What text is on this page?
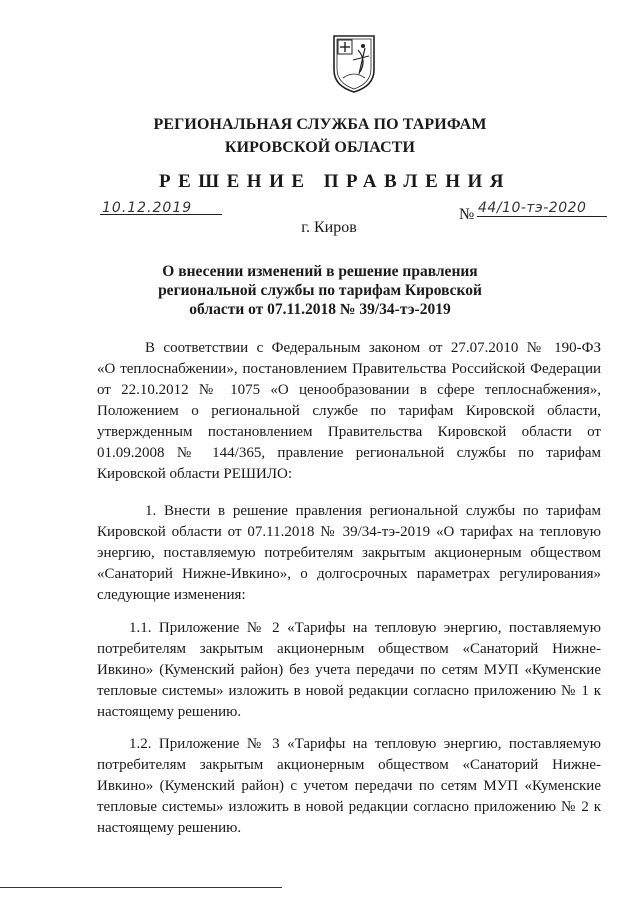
РЕГИОНАЛЬНАЯ СЛУЖБА ПО ТАРИФАМ
КИРОВСКОЙ ОБЛАСТИ
РЕШЕНИЕ ПРАВЛЕНИЯ
10.12.2019	№ 44/10-тэ-2020
г. Киров
О внесении изменений в решение правления
региональной службы по тарифам Кировской
области от 07.11.2018 № 39/34-тэ-2019
В соответствии с Федеральным законом от 27.07.2010 № 190-ФЗ
«О теплоснабжении», постановлением Правительства Российской Федерации
от 22.10.2012 № 1075 «О ценообразовании в сфере теплоснабжения»,
Положением о региональной службе по тарифам Кировской области,
утвержденным постановлением Правительства Кировской области от
01.09.2008 № 144/365, правление региональной службы по тарифам
Кировской области РЕШИЛО:
1. Внести в решение правления региональной службы по тарифам
Кировской области от 07.11.2018 № 39/34-тэ-2019 «О тарифах на тепловую
энергию, поставляемую потребителям закрытым акционерным обществом
«Санаторий Нижне-Ивкино», о долгосрочных параметрах регулирования»
следующие изменения:
1.1. Приложение № 2 «Тарифы на тепловую энергию, поставляемую
потребителям закрытым акционерным обществом «Санаторий Нижне-
Ивкино» (Куменский район) без учета передачи по сетям МУП «Куменские
тепловые системы» изложить в новой редакции согласно приложению № 1 к
настоящему решению.
1.2. Приложение № 3 «Тарифы на тепловую энергию, поставляемую
потребителям закрытым акционерным обществом «Санаторий Нижне-
Ивкино» (Куменский район) с учетом передачи по сетям МУП «Куменские
тепловые системы» изложить в новой редакции согласно приложению № 2 к
настоящему решению.
